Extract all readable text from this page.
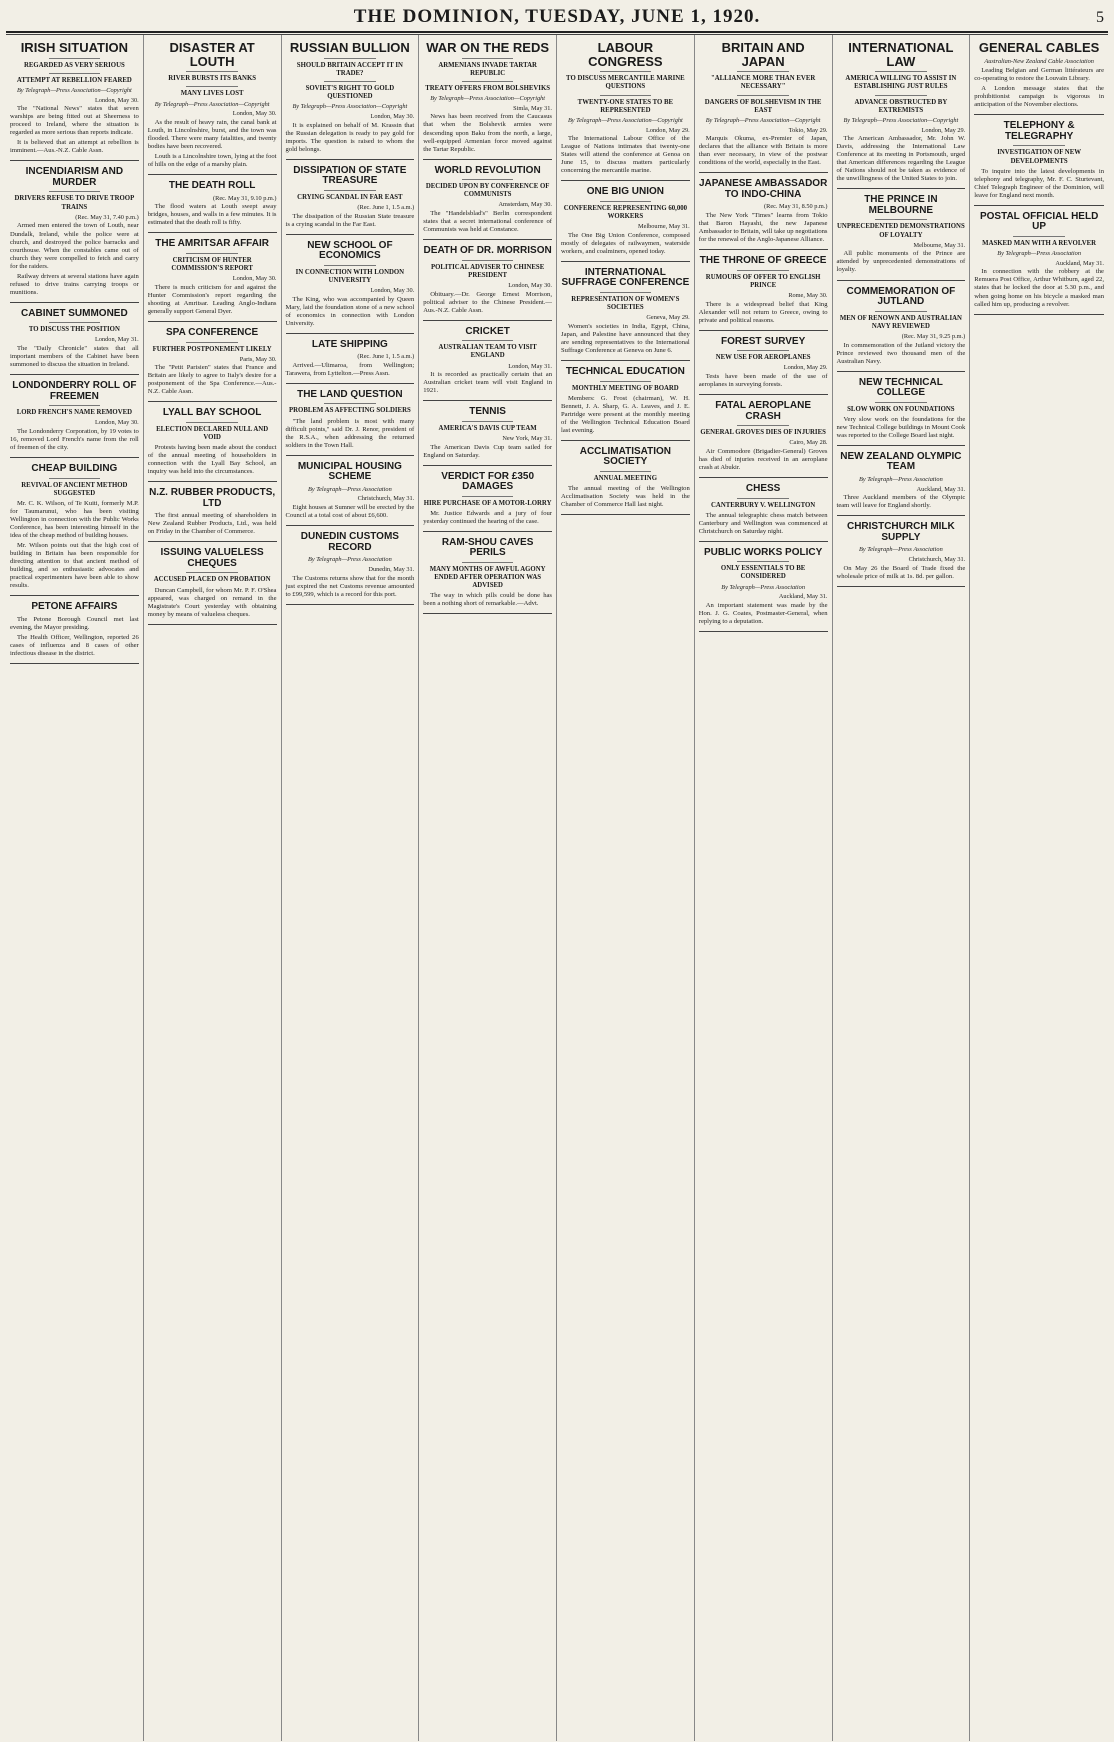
THE DOMINION, TUESDAY, JUNE 1, 1920.	5
IRISH SITUATION
REGARDED AS VERY SERIOUS
ATTEMPT AT REBELLION FEARED
By Telegraph—Press Association—Copyright
London, May 30.

The "National News" states that seven warships are being fitted out at Sheerness to proceed to Ireland, where the situation is regarded as more serious than reports indicate.

It is believed that an attempt at rebellion is imminent.—Aus.-N.Z. Cable Assn.

INCENDIARISM AND MURDER
DRIVERS REFUSE TO DRIVE TROOP TRAINS
(Rec. May 31, 7.40 p.m.)

Armed men entered the town of Louth, near Dundalk, Ireland, while the police were at church, and destroyed the police barracks and courthouse. When the constables came out of church they were compelled to fetch and carry for the raiders.

Railway drivers at several stations have again refused to drive trains carrying troops or munitions.

CABINET SUMMONED
TO DISCUSS THE POSITION
London, May 31.

The "Daily Chronicle" states that all important members of the Cabinet have been summoned to discuss the situation in Ireland.

LONDONDERRY ROLL OF FREEMEN
LORD FRENCH'S NAME REMOVED
London, May 30.

The Londonderry Corporation, by 19 votes to 16, removed Lord French's name from the roll of freemen of the city.

CHEAP BUILDING
REVIVAL OF ANCIENT METHOD SUGGESTED

Mr. C. K. Wilson, of Te Kuiti, formerly M.P. for Taumarunui, who has been visiting Wellington in connection with the Public Works Conference, has been interesting himself in the idea of the cheap method of building houses.

Mr. Wilson points out that the high cost of building in Britain has been responsible for directing attention to that ancient method of building, and so enthusiastic advocates and practical experimenters have been able to show results.

PETONE AFFAIRS

The Petone Borough Council met last evening, the Mayor presiding.

The Health Officer, Wellington, reported 26 cases of influenza and 8 cases of other infectious disease in the district.

DISASTER AT LOUTH
RIVER BURSTS ITS BANKS
MANY LIVES LOST
By Telegraph—Press Association—Copyright
London, May 30.

As the result of heavy rain, the canal bank at Louth, in Lincolnshire, burst, and the town was flooded. There were many fatalities, and twenty bodies have been recovered.

Louth is a Lincolnshire town, lying at the foot of hills on the edge of a marshy plain.

THE DEATH ROLL
(Rec. May 31, 9.10 p.m.)

The flood waters at Louth swept away bridges, houses, and walls in a few minutes. It is estimated that the death roll is fifty.

THE AMRITSAR AFFAIR
CRITICISM OF HUNTER COMMISSION'S REPORT
London, May 30.

There is much criticism for and against the Hunter Commission's report regarding the shooting at Amritsar. Leading Anglo-Indians generally support General Dyer.

SPA CONFERENCE
FURTHER POSTPONEMENT LIKELY
Paris, May 30.

The "Petit Parisien" states that France and Britain are likely to agree to Italy's desire for a postponement of the Spa Conference.—Aus.-N.Z. Cable Assn.

LYALL BAY SCHOOL
ELECTION DECLARED NULL AND VOID

Protests having been made about the conduct of the annual meeting of householders in connection with the Lyall Bay School, an inquiry was held into the circumstances.

N.Z. RUBBER PRODUCTS, LTD

The first annual meeting of shareholders in New Zealand Rubber Products, Ltd., was held on Friday in the Chamber of Commerce.

ISSUING VALUELESS CHEQUES
ACCUSED PLACED ON PROBATION

Duncan Campbell, for whom Mr. P. F. O'Shea appeared, was charged on remand in the Magistrate's Court yesterday with obtaining money by means of valueless cheques.

RUSSIAN BULLION
SHOULD BRITAIN ACCEPT IT IN TRADE?
SOVIET'S RIGHT TO GOLD QUESTIONED
By Telegraph—Press Association—Copyright
London, May 30.

It is explained on behalf of M. Krassin that the Russian delegation is ready to pay gold for imports. The question is raised to whom the gold belongs.

DISSIPATION OF STATE TREASURE
CRYING SCANDAL IN FAR EAST
(Rec. June 1, 1.5 a.m.)

The dissipation of the Russian State treasure is a crying scandal in the Far East.

NEW SCHOOL OF ECONOMICS
IN CONNECTION WITH LONDON UNIVERSITY
London, May 30.

The King, who was accompanied by Queen Mary, laid the foundation stone of a new school of economics in connection with London University.

LATE SHIPPING
(Rec. June 1, 1.5 a.m.)

Arrived.—Ulimaroa, from Wellington; Tarawera, from Lyttelton.—Press Assn.

THE LAND QUESTION
PROBLEM AS AFFECTING SOLDIERS

"The land problem is most with many difficult points," said Dr. J. Renor, president of the R.S.A., when addressing the returned soldiers in the Town Hall.

MUNICIPAL HOUSING SCHEME
By Telegraph—Press Association
Christchurch, May 31.

Eight houses at Sumner will be erected by the Council at a total cost of about £6,600.

DUNEDIN CUSTOMS RECORD
By Telegraph—Press Association
Dunedin, May 31.

The Customs returns show that for the month just expired the net Customs revenue amounted to £99,599, which is a record for this port.

WAR ON THE REDS
ARMENIANS INVADE TARTAR REPUBLIC
TREATY OFFERS FROM BOLSHEVIKS
By Telegraph—Press Association—Copyright
Simla, May 31.

News has been received from the Caucasus that when the Bolshevik armies were descending upon Baku from the north, a large, well-equipped Armenian force moved against the Tartar Republic.

WORLD REVOLUTION
DECIDED UPON BY CONFERENCE OF COMMUNISTS
Amsterdam, May 30.

The "Handelsblad's" Berlin correspondent states that a secret international conference of Communists was held at Constance.

DEATH OF DR. MORRISON
POLITICAL ADVISER TO CHINESE PRESIDENT
London, May 30.

Obituary.—Dr. George Ernest Morrison, political adviser to the Chinese President.—Aus.-N.Z. Cable Assn.

CRICKET
AUSTRALIAN TEAM TO VISIT ENGLAND
London, May 31.

It is recorded as practically certain that an Australian cricket team will visit England in 1921.

TENNIS
AMERICA'S DAVIS CUP TEAM
New York, May 31.

The American Davis Cup team sailed for England on Saturday.

VERDICT FOR £350 DAMAGES
HIRE PURCHASE OF A MOTOR-LORRY

Mr. Justice Edwards and a jury of four yesterday continued the hearing of the case.

RAM-SHOU CAVES PERILS
MANY MONTHS OF AWFUL AGONY ENDED AFTER OPERATION WAS ADVISED

The way in which pills could be done has been a nothing short of remarkable.—Advt.

LABOUR CONGRESS
TO DISCUSS MERCANTILE MARINE QUESTIONS
TWENTY-ONE STATES TO BE REPRESENTED
By Telegraph—Press Association—Copyright
London, May 29.

The International Labour Office of the League of Nations intimates that twenty-one States will attend the conference at Genoa on June 15, to discuss matters particularly concerning the mercantile marine.

ONE BIG UNION
CONFERENCE REPRESENTING 60,000 WORKERS
Melbourne, May 31.

The One Big Union Conference, composed mostly of delegates of railwaymen, waterside workers, and coalminers, opened today.

INTERNATIONAL SUFFRAGE CONFERENCE
REPRESENTATION OF WOMEN'S SOCIETIES
Geneva, May 29.

Women's societies in India, Egypt, China, Japan, and Palestine have announced that they are sending representatives to the International Suffrage Conference at Geneva on June 6.

TECHNICAL EDUCATION
MONTHLY MEETING OF BOARD

Members: G. Frost (chairman), W. H. Bennett, J. A. Sharp, G. A. Leaves, and J. E. Partridge were present at the monthly meeting of the Wellington Technical Education Board last evening.

ACCLIMATISATION SOCIETY
ANNUAL MEETING

The annual meeting of the Wellington Acclimatisation Society was held in the Chamber of Commerce Hall last night.

BRITAIN AND JAPAN
"ALLIANCE MORE THAN EVER NECESSARY"
DANGERS OF BOLSHEVISM IN THE EAST
By Telegraph—Press Association—Copyright
Tokio, May 29.

Marquis Okuma, ex-Premier of Japan, declares that the alliance with Britain is more than ever necessary, in view of the postwar conditions of the world, especially in the East.

JAPANESE AMBASSADOR TO INDO-CHINA
(Rec. May 31, 8.50 p.m.)

The New York "Times" learns from Tokio that Baron Hayashi, the new Japanese Ambassador to Britain, will take up negotiations for the renewal of the Anglo-Japanese Alliance.

THE THRONE OF GREECE
RUMOURS OF OFFER TO ENGLISH PRINCE
Rome, May 30.

There is a widespread belief that King Alexander will not return to Greece, owing to private and political reasons.

FOREST SURVEY
NEW USE FOR AEROPLANES
London, May 29.

Tests have been made of the use of aeroplanes in surveying forests.

FATAL AEROPLANE CRASH
GENERAL GROVES DIES OF INJURIES
Cairo, May 28.

Air Commodore (Brigadier-General) Groves has died of injuries received in an aeroplane crash at Abukir.

CHESS
CANTERBURY V. WELLINGTON

The annual telegraphic chess match between Canterbury and Wellington was commenced at Christchurch on Saturday night.

PUBLIC WORKS POLICY
ONLY ESSENTIALS TO BE CONSIDERED
By Telegraph—Press Association
Auckland, May 31.

An important statement was made by the Hon. J. G. Coates, Postmaster-General, when replying to a deputation.

INTERNATIONAL LAW
AMERICA WILLING TO ASSIST IN ESTABLISHING JUST RULES
ADVANCE OBSTRUCTED BY EXTREMISTS
By Telegraph—Press Association—Copyright
London, May 29.

The American Ambassador, Mr. John W. Davis, addressing the International Law Conference at its meeting in Portsmouth, urged that American differences regarding the League of Nations should not be taken as evidence of the unwillingness of the United States to join.

THE PRINCE IN MELBOURNE
UNPRECEDENTED DEMONSTRATIONS OF LOYALTY
Melbourne, May 31.

All public monuments of the Prince are attended by unprecedented demonstrations of loyalty.

COMMEMORATION OF JUTLAND
MEN OF RENOWN AND AUSTRALIAN NAVY REVIEWED
(Rec. May 31, 9.25 p.m.)

In commemoration of the Jutland victory the Prince reviewed two thousand men of the Australian Navy.

NEW TECHNICAL COLLEGE
SLOW WORK ON FOUNDATIONS

Very slow work on the foundations for the new Technical College buildings in Mount Cook was reported to the College Board last night.

NEW ZEALAND OLYMPIC TEAM
By Telegraph—Press Association
Auckland, May 31.

Three Auckland members of the Olympic team will leave for England shortly.

CHRISTCHURCH MILK SUPPLY
By Telegraph—Press Association
Christchurch, May 31.

On May 26 the Board of Trade fixed the wholesale price of milk at 1s. 8d. per gallon.

GENERAL CABLES
Australian-New Zealand Cable Association

Leading Belgian and German littérateurs are co-operating to restore the Louvain Library.

A London message states that the prohibitionist campaign is vigorous in anticipation of the November elections.

TELEPHONY & TELEGRAPHY
INVESTIGATION OF NEW DEVELOPMENTS

To inquire into the latest developments in telephony and telegraphy, Mr. F. C. Sturtevant, Chief Telegraph Engineer of the Dominion, will leave for England next month.

POSTAL OFFICIAL HELD UP
MASKED MAN WITH A REVOLVER
By Telegraph—Press Association
Auckland, May 31.

In connection with the robbery at the Remuera Post Office, Arthur Whitburn, aged 22, states that he locked the door at 5.30 p.m., and when going home on his bicycle a masked man called him up, producing a revolver.
